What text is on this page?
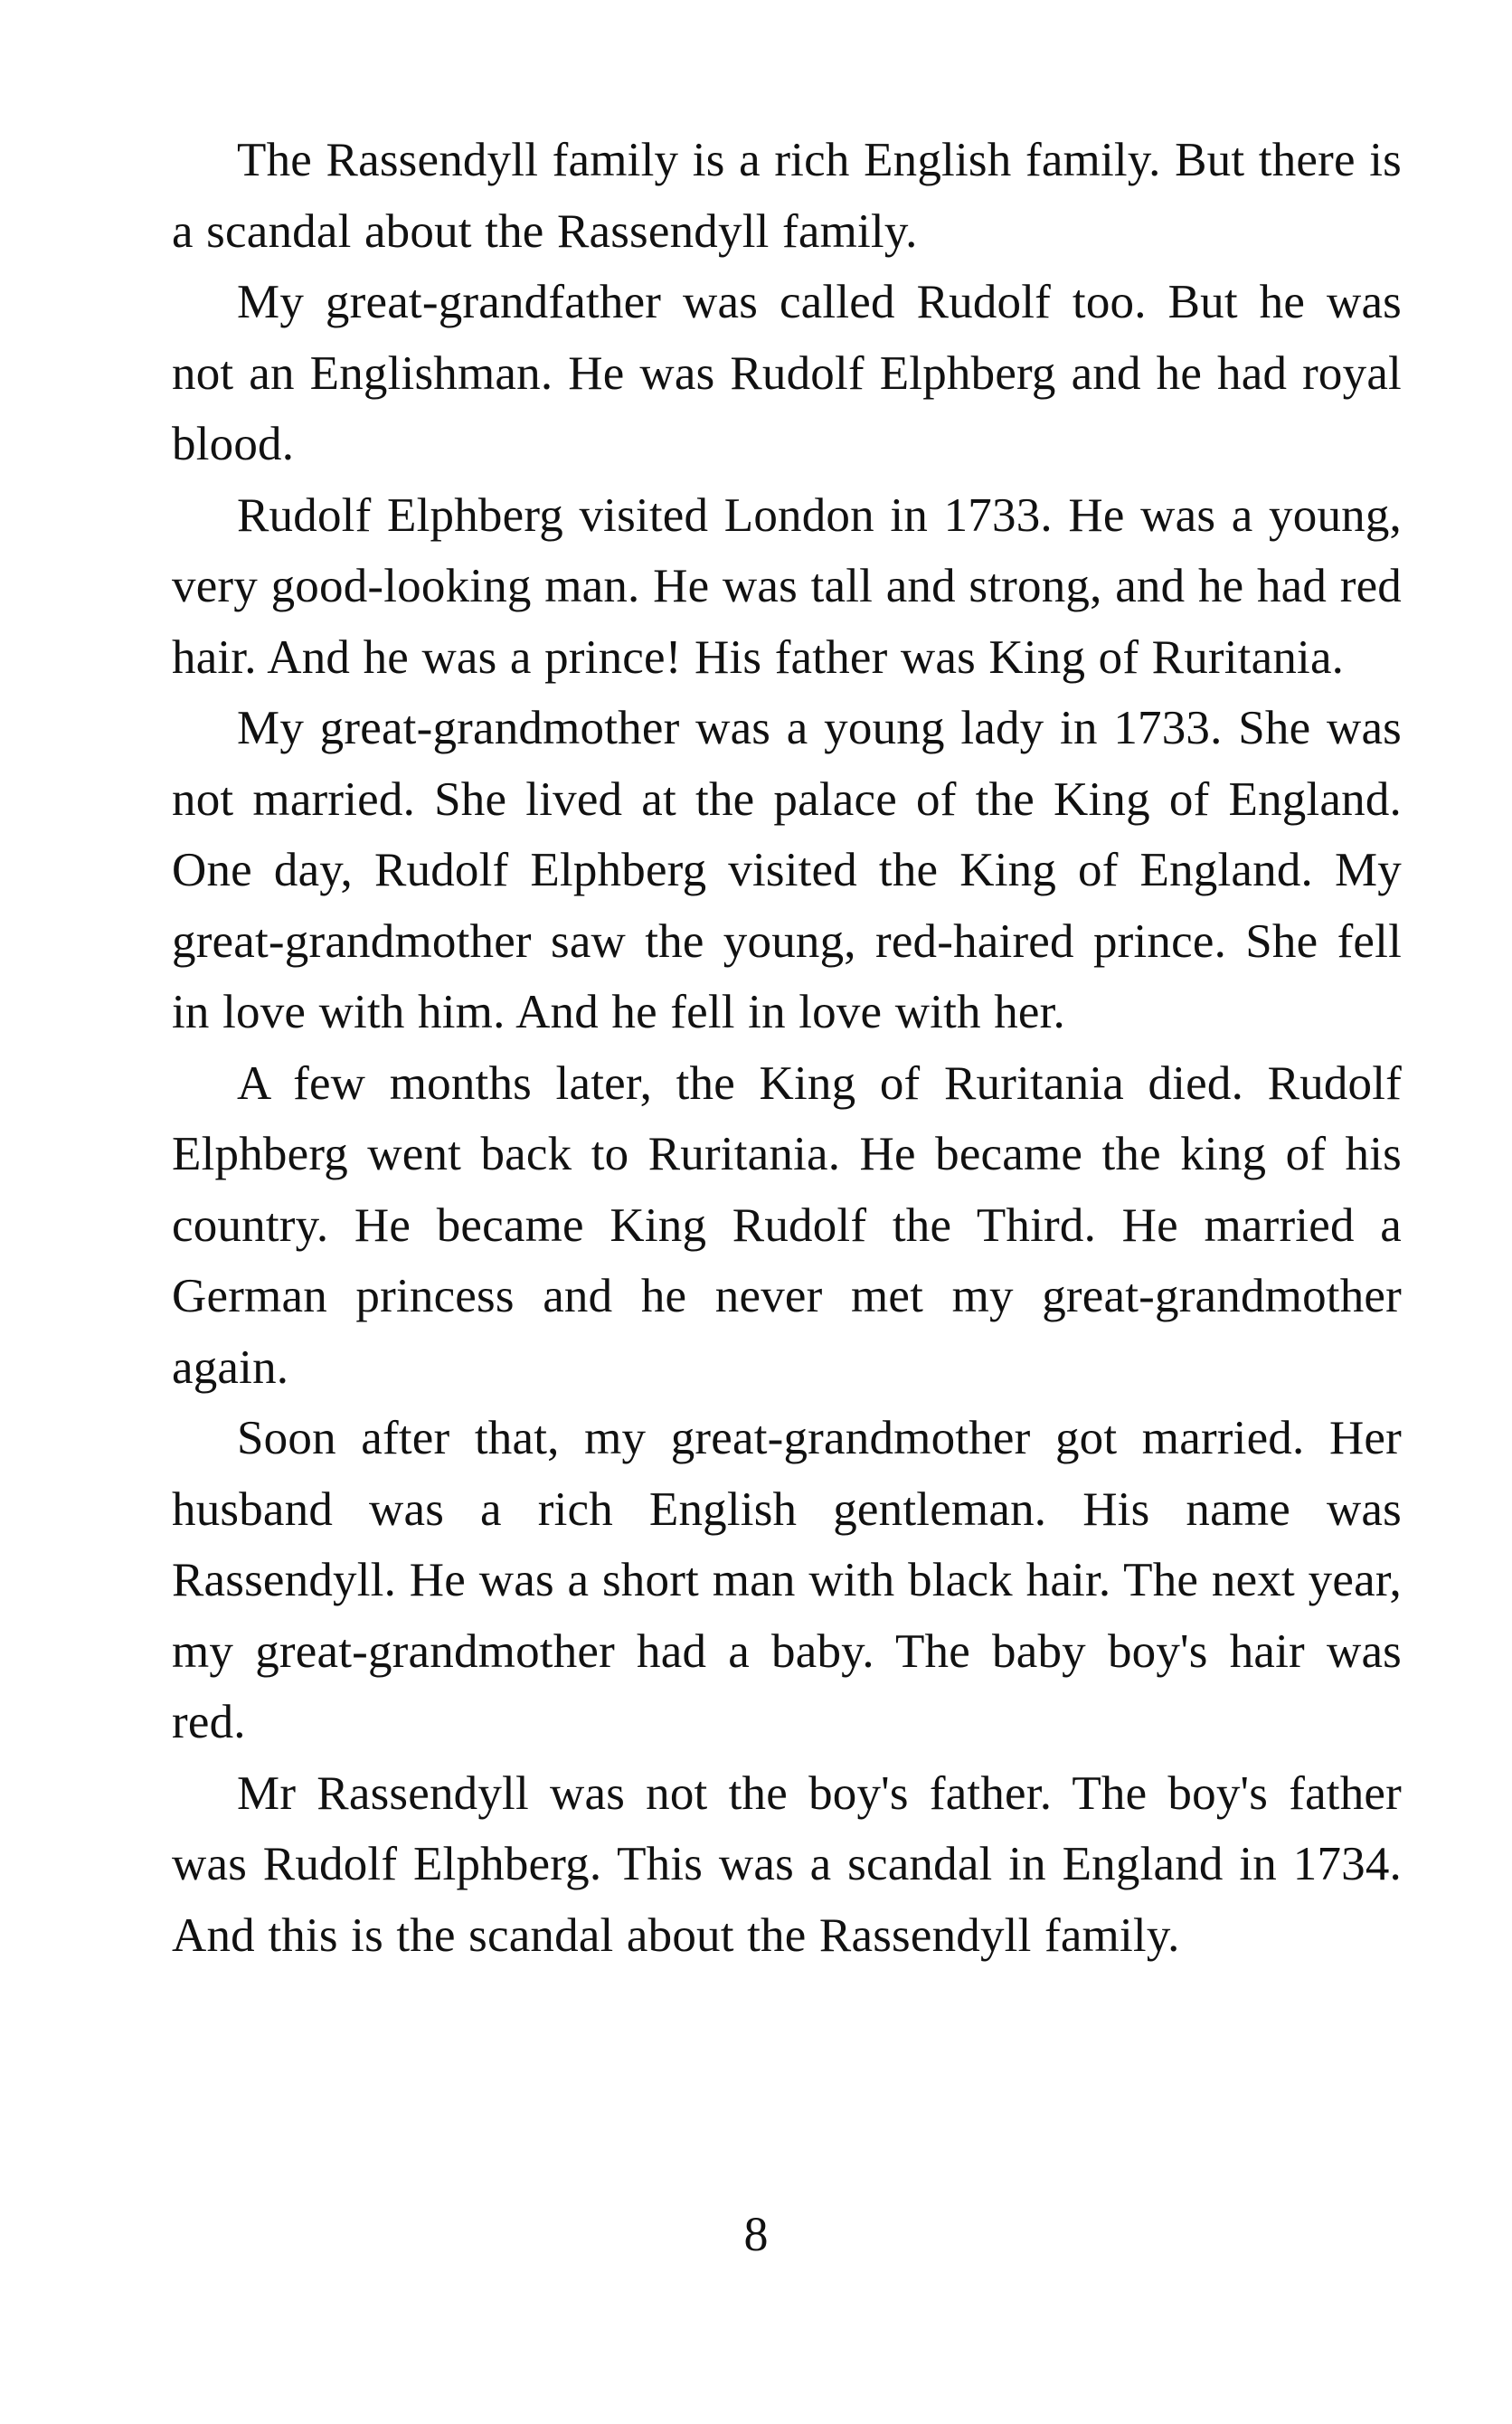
The Rassendyll family is a rich English family. But there is a scandal about the Rassendyll family.

My great-grandfather was called Rudolf too. But he was not an Englishman. He was Rudolf Elphberg and he had royal blood.

Rudolf Elphberg visited London in 1733. He was a young, very good-looking man. He was tall and strong, and he had red hair. And he was a prince! His father was King of Ruritania.

My great-grandmother was a young lady in 1733. She was not married. She lived at the palace of the King of England. One day, Rudolf Elphberg visited the King of England. My great-grandmother saw the young, red-haired prince. She fell in love with him. And he fell in love with her.

A few months later, the King of Ruritania died. Rudolf Elphberg went back to Ruritania. He became the king of his country. He became King Rudolf the Third. He married a German princess and he never met my great-grandmother again.

Soon after that, my great-grandmother got married. Her husband was a rich English gentleman. His name was Rassendyll. He was a short man with black hair. The next year, my great-grandmother had a baby. The baby boy's hair was red.

Mr Rassendyll was not the boy's father. The boy's father was Rudolf Elphberg. This was a scandal in England in 1734. And this is the scandal about the Rassendyll family.

8
